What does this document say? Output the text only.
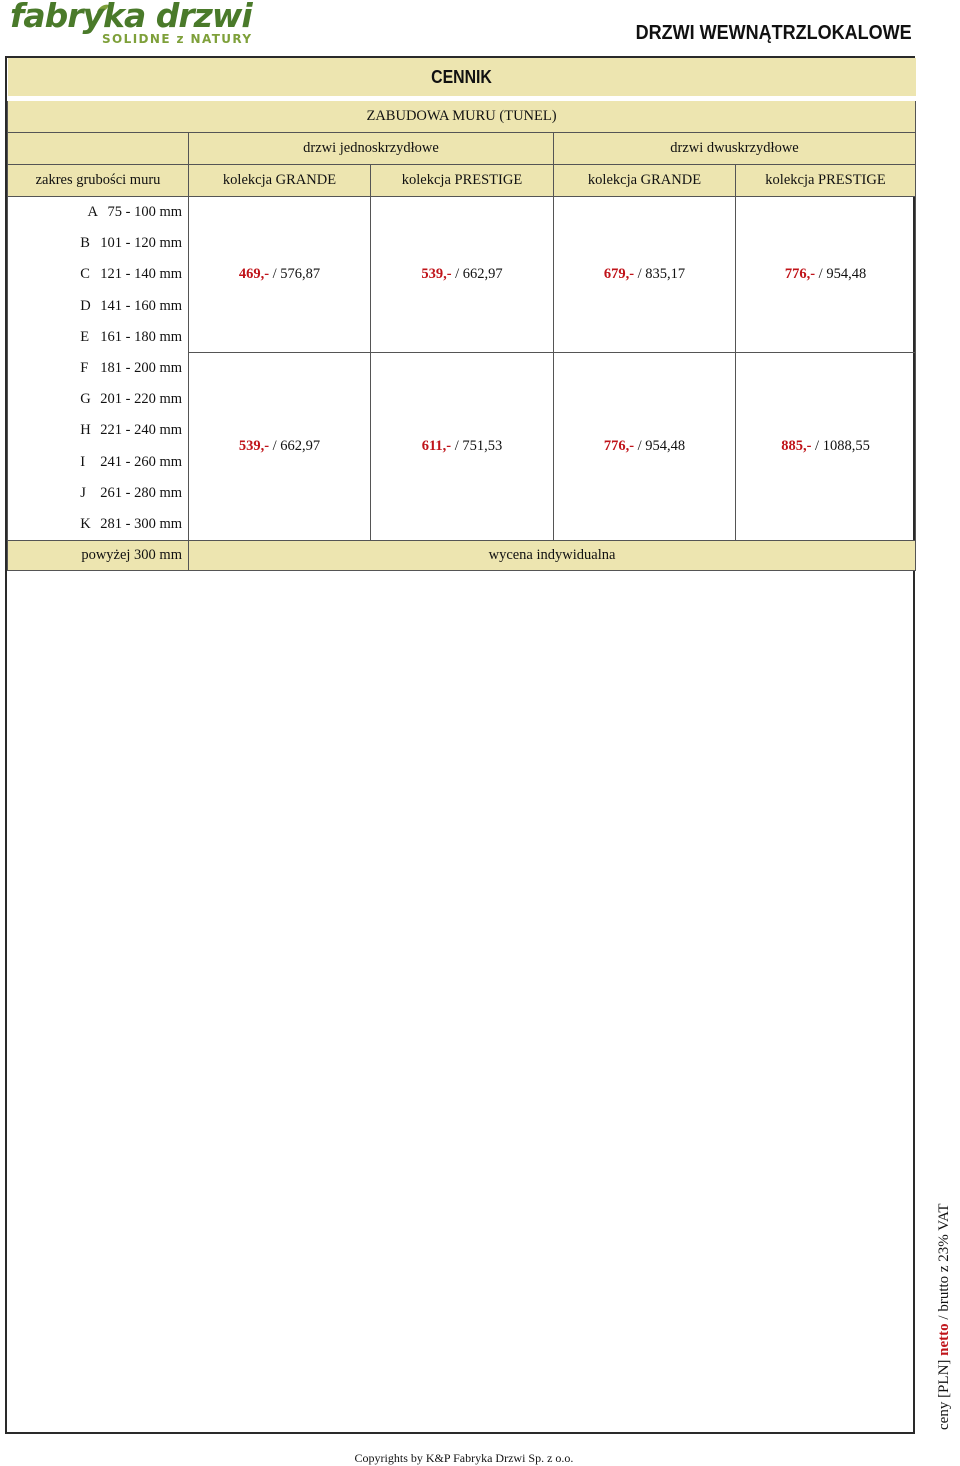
fabryka drzwi
SOLIDNE z NATURY	DRZWI WEWNĄTRZLOKALOWE
CENNIK				
ZABUDOWA MURU (TUNEL)				
	drzwi jednoskrzydłowe		drzwi dwuskrzydłowe	
zakres grubości muru	kolekcja GRANDE	kolekcja PRESTIGE	kolekcja GRANDE	kolekcja PRESTIGE
A 75 - 100 mm	469,- / 576,87	539,- / 662,97	679,- / 835,17	776,- / 954,48
B 101 - 120 mm				
C 121 - 140 mm				
D 141 - 160 mm				
E 161 - 180 mm				
F 181 - 200 mm	539,- / 662,97	611,- / 751,53	776,- / 954,48	885,- / 1088,55
G 201 - 220 mm				
H 221 - 240 mm				
I 241 - 260 mm				
J 261 - 280 mm				
K 281 - 300 mm				
powyżej 300 mm	wycena indywidualna			
ceny [PLN] netto / brutto z 23% VAT
Copyrights by K&P Fabryka Drzwi Sp. z o.o.
